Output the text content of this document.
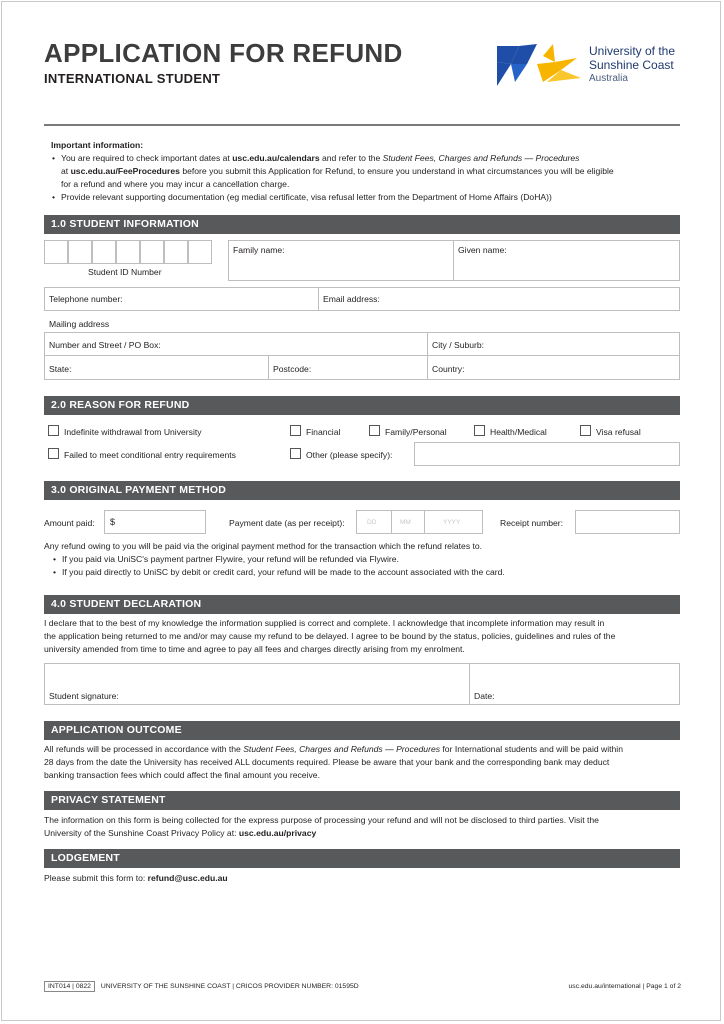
APPLICATION FOR REFUND
INTERNATIONAL STUDENT
University of the
Sunshine Coast
Australia
Important information:
• You are required to check important dates at usc.edu.au/calendars and refer to the Student Fees, Charges and Refunds — Procedures
at usc.edu.au/FeeProcedures before you submit this Application for Refund, to ensure you understand in what circumstances you will be eligible
for a refund and where you may incur a cancellation charge.
• Provide relevant supporting documentation (eg medial certificate, visa refusal letter from the Department of Home Affairs (DoHA))
1.0 STUDENT INFORMATION
Student ID Number
Family name:	Given name:
Telephone number:	Email address:
Mailing address
Number and Street / PO Box:	City / Suburb:
State:	Postcode:	Country:
2.0 REASON FOR REFUND
Indefinite withdrawal from University	Financial	Family/Personal	Health/Medical	Visa refusal
Failed to meet conditional entry requirements	Other (please specify):
3.0 ORIGINAL PAYMENT METHOD
Amount paid: $	Payment date (as per receipt):	DD	MM	YYYY	Receipt number:
Any refund owing to you will be paid via the original payment method for the transaction which the refund relates to.
• If you paid via UniSC's payment partner Flywire, your refund will be refunded via Flywire.
• If you paid directly to UniSC by debit or credit card, your refund will be made to the account associated with the card.
4.0 STUDENT DECLARATION
I declare that to the best of my knowledge the information supplied is correct and complete. I acknowledge that incomplete information may result in
the application being returned to me and/or may cause my refund to be delayed. I agree to be bound by the status, policies, guidelines and rules of the
university amended from time to time and agree to pay all fees and charges directly arising from my enrolment.
Student signature:	Date:
APPLICATION OUTCOME
All refunds will be processed in accordance with the Student Fees, Charges and Refunds — Procedures for International students and will be paid within
28 days from the date the University has received ALL documents required. Please be aware that your bank and the corresponding bank may deduct
banking transaction fees which could affect the final amount you receive.
PRIVACY STATEMENT
The information on this form is being collected for the express purpose of processing your refund and will not be disclosed to third parties. Visit the
University of the Sunshine Coast Privacy Policy at: usc.edu.au/privacy
LODGEMENT
Please submit this form to: refund@usc.edu.au
INT014 | 0822 UNIVERSITY OF THE SUNSHINE COAST | CRICOS PROVIDER NUMBER: 01595D	usc.edu.au/international | Page 1 of 2
